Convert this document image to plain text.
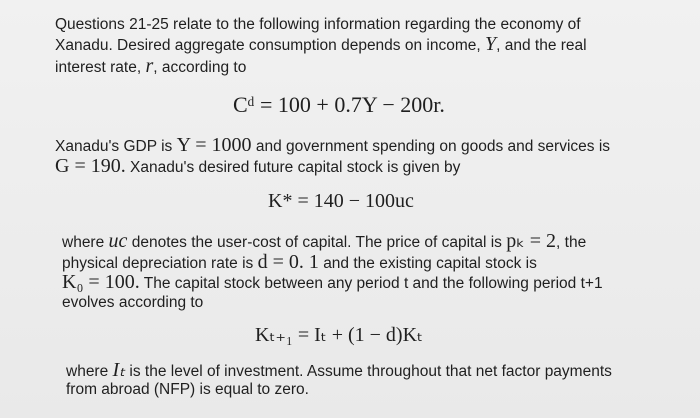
Questions 21-25 relate to the following information regarding the economy of

Xanadu. Desired aggregate consumption depends on income, Y, and the real

interest rate, r, according to

Cᵈ = 100 + 0.7Y − 200r.

Xanadu's GDP is Y = 1000 and government spending on goods and services is

G = 190. Xanadu's desired future capital stock is given by

K* = 140 − 100uc

where uc denotes the user-cost of capital. The price of capital is pₖ = 2, the

physical depreciation rate is d = 0. 1 and the existing capital stock is

K₀ = 100. The capital stock between any period t and the following period t+1

evolves according to

Kₜ₊₁ = Iₜ + (1 − d)Kₜ

where Iₜ is the level of investment. Assume throughout that net factor payments

from abroad (NFP) is equal to zero.
